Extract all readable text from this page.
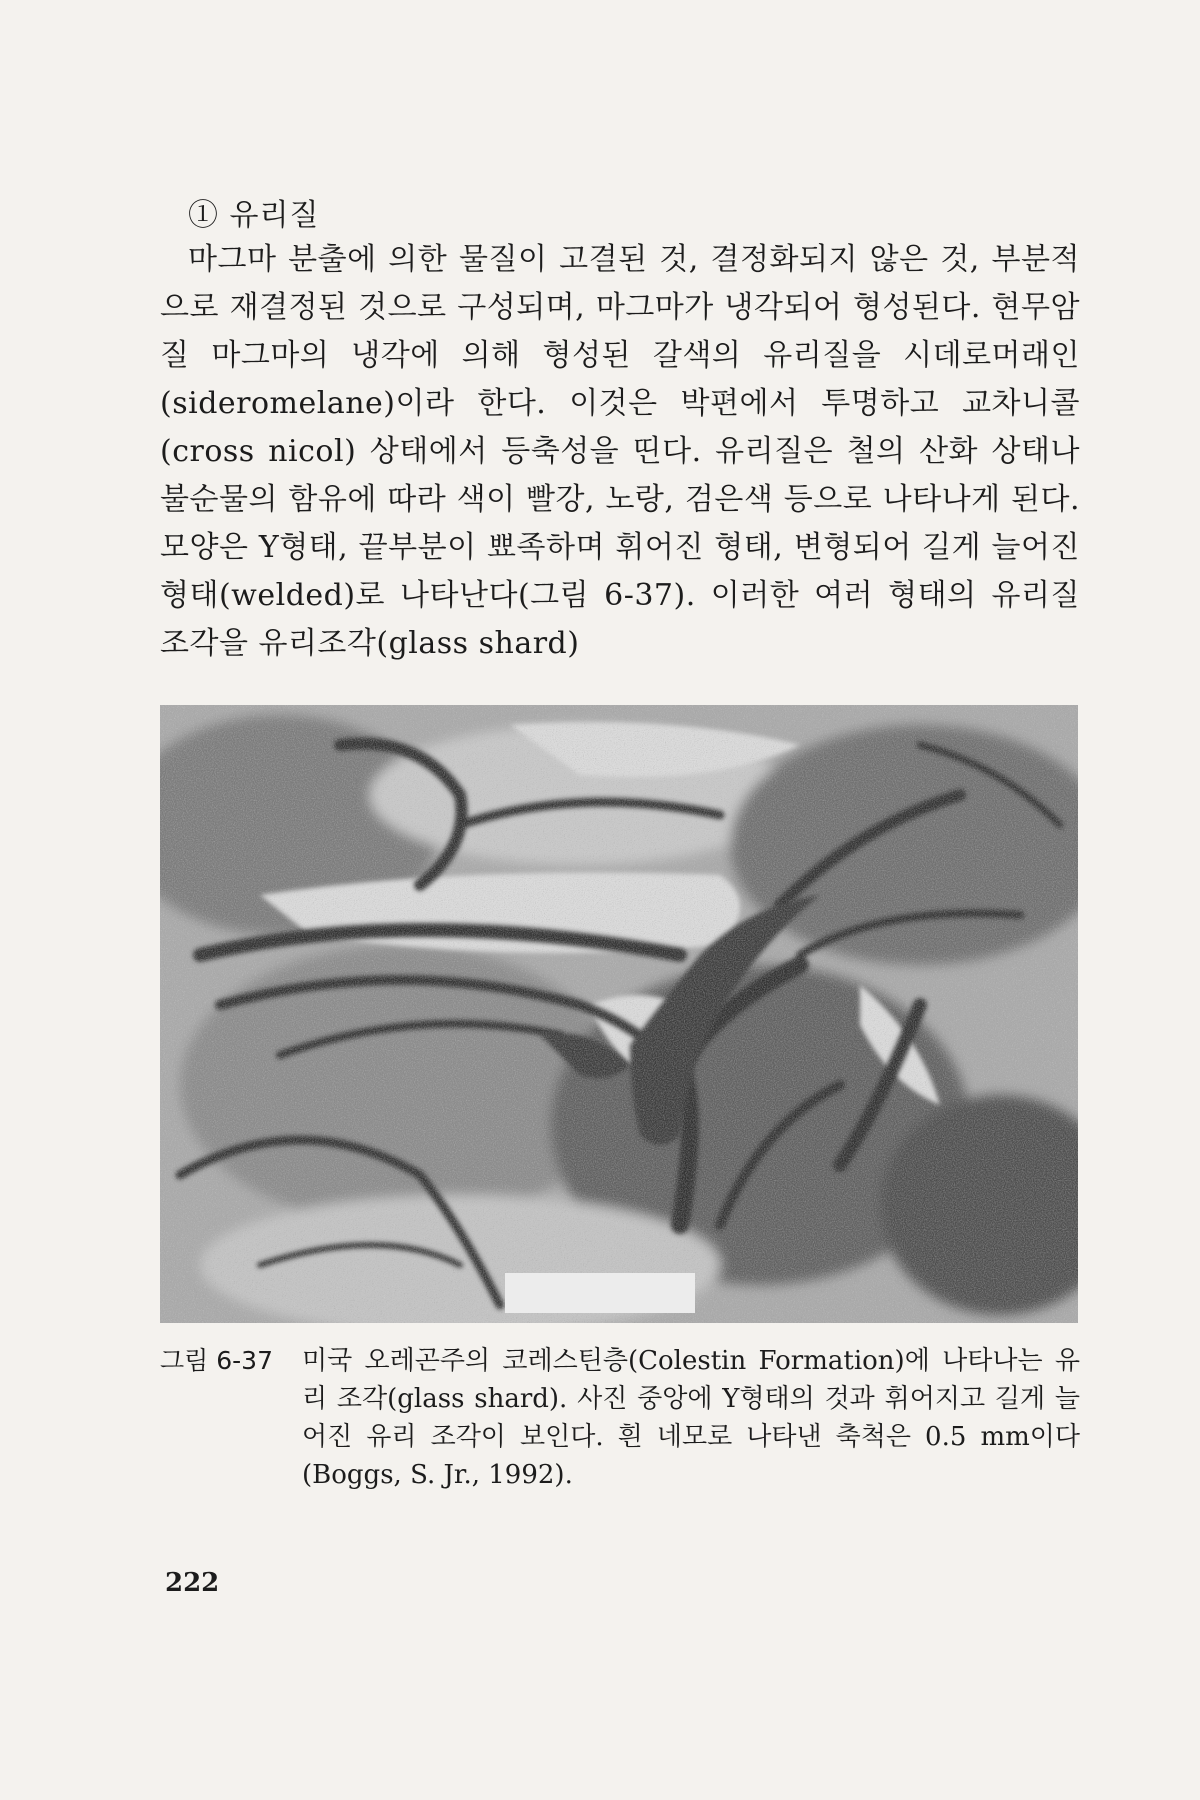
① 유리질

마그마 분출에 의한 물질이 고결된 것, 결정화되지 않은 것, 부분적으로 재결정된 것으로 구성되며, 마그마가 냉각되어 형성된다. 현무암질 마그마의 냉각에 의해 형성된 갈색의 유리질을 시데로머래인(sideromelane)이라 한다. 이것은 박편에서 투명하고 교차니콜(cross nicol) 상태에서 등축성을 띤다. 유리질은 철의 산화 상태나 불순물의 함유에 따라 색이 빨강, 노랑, 검은색 등으로 나타나게 된다. 모양은 Y형태, 끝부분이 뾰족하며 휘어진 형태, 변형되어 길게 늘어진 형태(welded)로 나타난다(그림 6-37). 이러한 여러 형태의 유리질 조각을 유리조각(glass shard)

그림 6-37	미국 오레곤주의 코레스틴층(Colestin Formation)에 나타나는 유리 조각(glass shard). 사진 중앙에 Y형태의 것과 휘어지고 길게 늘어진 유리 조각이 보인다. 흰 네모로 나타낸 축척은 0.5 mm이다(Boggs, S. Jr., 1992).

222
